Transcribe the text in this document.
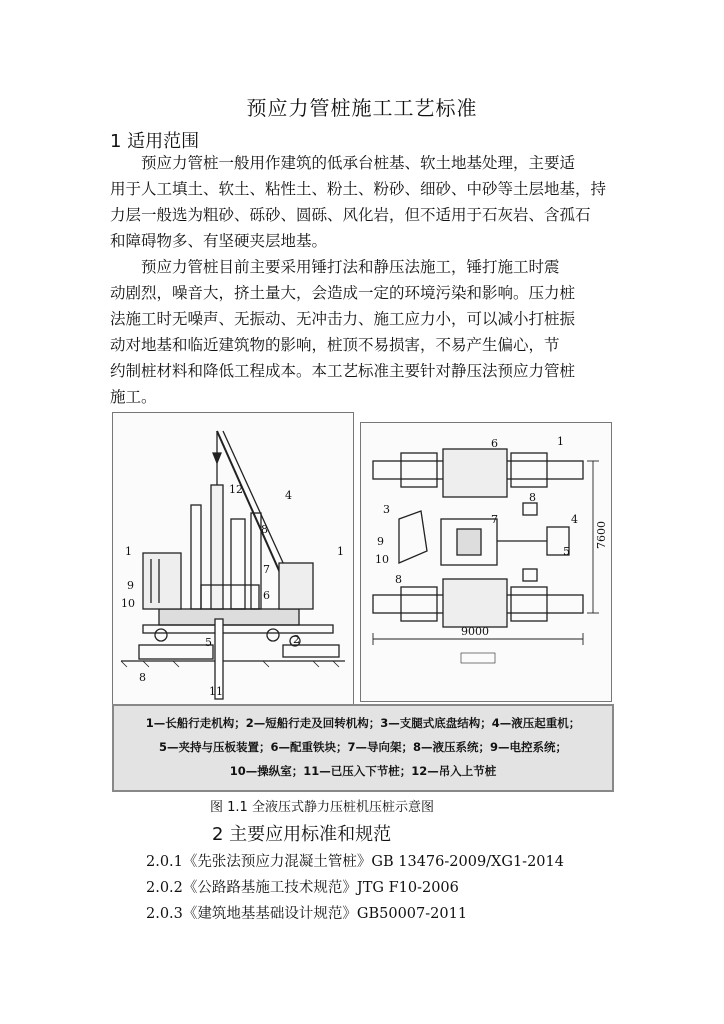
预应力管桩施工工艺标准
1 适用范围
　　预应力管桩一般用作建筑的低承台桩基、软土地基处理，主要适
用于人工填土、软土、粘性土、粉土、粉砂、细砂、中砂等土层地基，持
力层一般选为粗砂、砾砂、圆砾、风化岩，但不适用于石灰岩、含孤石
和障碍物多、有坚硬夹层地基。
　　预应力管桩目前主要采用锤打法和静压法施工，锤打施工时震
动剧烈，噪音大，挤土量大，会造成一定的环境污染和影响。压力桩
法施工时无噪声、无振动、无冲击力、施工应力小，可以减小打桩振
动对地基和临近建筑物的影响，桩顶不易损害，不易产生偏心，节
约制桩材料和降低工程成本。本工艺标准主要针对静压法预应力管桩
施工。
4
5
6
7
8
9
10
11
12
1
2
1
8
1
3
4
5
6
7
8
8
9
10
9000
7600
1—长船行走机构；2—短船行走及回转机构；3—支腿式底盘结构；4—液压起重机；
5—夹持与压板装置；6—配重铁块；7—导向架；8—液压系统；9—电控系统；
10—操纵室；11—已压入下节桩；12—吊入上节桩
图 1.1 全液压式静力压桩机压桩示意图
2 主要应用标准和规范
2.0.1《先张法预应力混凝土管桩》GB 13476-2009/XG1-2014
2.0.2《公路路基施工技术规范》JTG F10-2006
2.0.3《建筑地基基础设计规范》GB50007-2011
